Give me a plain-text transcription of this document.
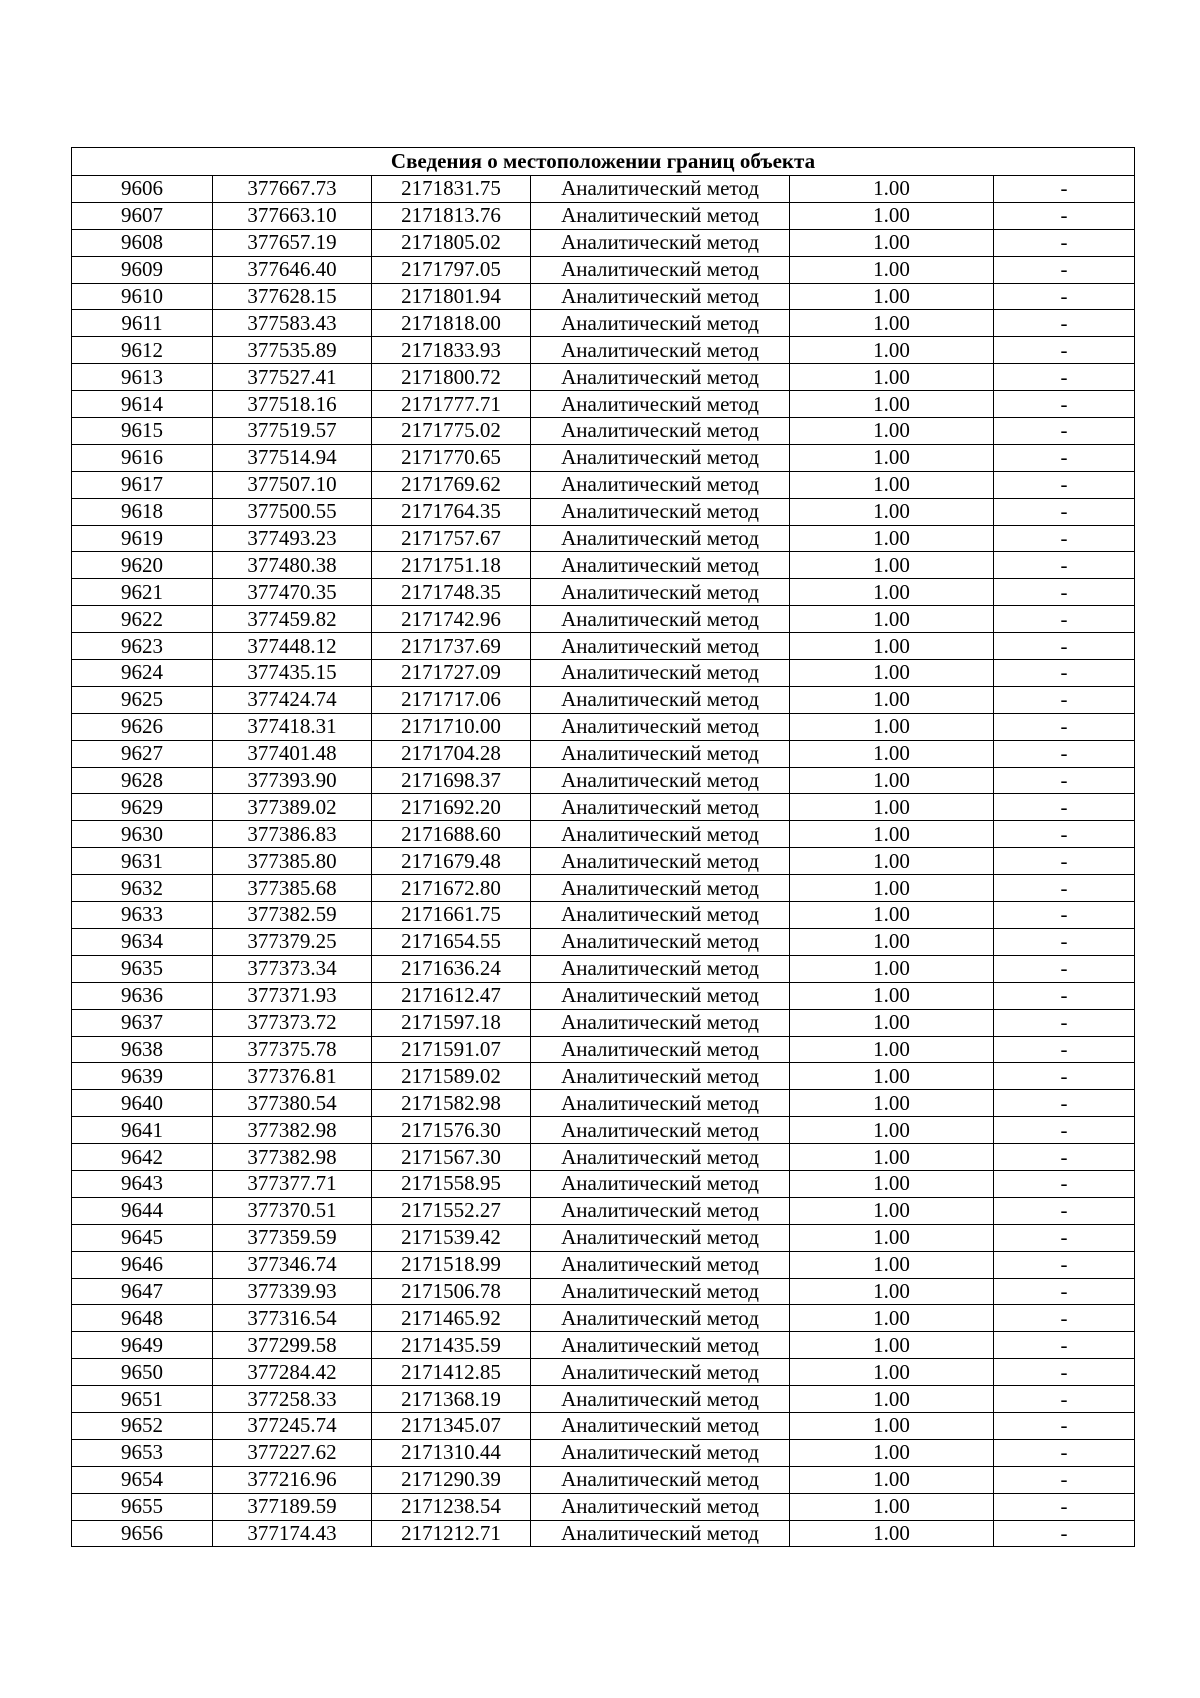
Сведения о местоположении границ объекта					
9606	377667.73	2171831.75	Аналитический метод	1.00	-
9607	377663.10	2171813.76	Аналитический метод	1.00	-
9608	377657.19	2171805.02	Аналитический метод	1.00	-
9609	377646.40	2171797.05	Аналитический метод	1.00	-
9610	377628.15	2171801.94	Аналитический метод	1.00	-
9611	377583.43	2171818.00	Аналитический метод	1.00	-
9612	377535.89	2171833.93	Аналитический метод	1.00	-
9613	377527.41	2171800.72	Аналитический метод	1.00	-
9614	377518.16	2171777.71	Аналитический метод	1.00	-
9615	377519.57	2171775.02	Аналитический метод	1.00	-
9616	377514.94	2171770.65	Аналитический метод	1.00	-
9617	377507.10	2171769.62	Аналитический метод	1.00	-
9618	377500.55	2171764.35	Аналитический метод	1.00	-
9619	377493.23	2171757.67	Аналитический метод	1.00	-
9620	377480.38	2171751.18	Аналитический метод	1.00	-
9621	377470.35	2171748.35	Аналитический метод	1.00	-
9622	377459.82	2171742.96	Аналитический метод	1.00	-
9623	377448.12	2171737.69	Аналитический метод	1.00	-
9624	377435.15	2171727.09	Аналитический метод	1.00	-
9625	377424.74	2171717.06	Аналитический метод	1.00	-
9626	377418.31	2171710.00	Аналитический метод	1.00	-
9627	377401.48	2171704.28	Аналитический метод	1.00	-
9628	377393.90	2171698.37	Аналитический метод	1.00	-
9629	377389.02	2171692.20	Аналитический метод	1.00	-
9630	377386.83	2171688.60	Аналитический метод	1.00	-
9631	377385.80	2171679.48	Аналитический метод	1.00	-
9632	377385.68	2171672.80	Аналитический метод	1.00	-
9633	377382.59	2171661.75	Аналитический метод	1.00	-
9634	377379.25	2171654.55	Аналитический метод	1.00	-
9635	377373.34	2171636.24	Аналитический метод	1.00	-
9636	377371.93	2171612.47	Аналитический метод	1.00	-
9637	377373.72	2171597.18	Аналитический метод	1.00	-
9638	377375.78	2171591.07	Аналитический метод	1.00	-
9639	377376.81	2171589.02	Аналитический метод	1.00	-
9640	377380.54	2171582.98	Аналитический метод	1.00	-
9641	377382.98	2171576.30	Аналитический метод	1.00	-
9642	377382.98	2171567.30	Аналитический метод	1.00	-
9643	377377.71	2171558.95	Аналитический метод	1.00	-
9644	377370.51	2171552.27	Аналитический метод	1.00	-
9645	377359.59	2171539.42	Аналитический метод	1.00	-
9646	377346.74	2171518.99	Аналитический метод	1.00	-
9647	377339.93	2171506.78	Аналитический метод	1.00	-
9648	377316.54	2171465.92	Аналитический метод	1.00	-
9649	377299.58	2171435.59	Аналитический метод	1.00	-
9650	377284.42	2171412.85	Аналитический метод	1.00	-
9651	377258.33	2171368.19	Аналитический метод	1.00	-
9652	377245.74	2171345.07	Аналитический метод	1.00	-
9653	377227.62	2171310.44	Аналитический метод	1.00	-
9654	377216.96	2171290.39	Аналитический метод	1.00	-
9655	377189.59	2171238.54	Аналитический метод	1.00	-
9656	377174.43	2171212.71	Аналитический метод	1.00	-
